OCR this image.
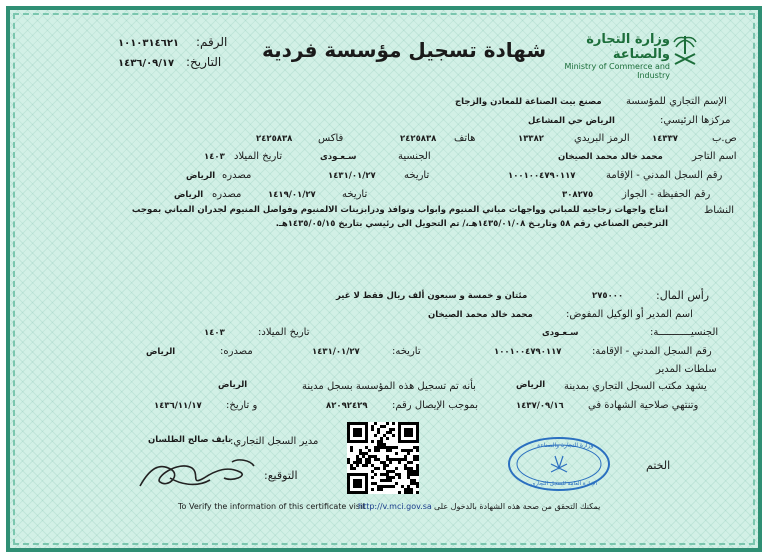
وزارة التجارة والصناعة
Ministry of Commerce and Industry
شهادة تسجيل مؤسسة فردية
الرقم:
١٠١٠٣١٤٦٢١
التاريخ:
١٤٣٦/٠٩/١٧
الإسم التجاري للمؤسسة
مصنع بيت الصناعة للمعادن والزجاج
مركزها الرئيسي:
الرياض حي المشاعل
ص.ب
١٤٣٣٧
الرمز البريدي
١٣٣٨٢
هاتف
٢٤٢٥٨٣٨
فاكس
٢٤٢٥٨٣٨
اسم التاجر
محمد خالد محمد الصيخان
الجنسية
سـعـودى
تاريخ الميلاد
١٤٠٣
رقم السجل المدني - الإقامة
١٠٠١٠٠٤٧٩٠١١٧
تاريخه
١٤٣١/٠١/٢٧
مصدره
الرياض
رقم الحفيظة - الجواز
٣٠٨٢٧٥
تاريخه
١٤١٩/٠١/٢٧
مصدره
الرياض
النشاط
انتاج واجهات زجاجيه للمباني وواجهات مباني المنيوم وابواب ونوافذ ودرابزينات الالمنيوم وفواصل المنيوم لجدران المباني بموجب
الترخيص الصناعي رقم ٥٨ وتاريـخ ١٤٣٥/٠١/٠٨هـ،/ تم التحويل الى رئيسي بتاريخ ١٤٣٥/٠٥/١٥هـ.
رأس المال:
٢٧٥٠٠٠
مئتان و خمسة و سبعون ألف ريال فقط لا غير
اسم المدير أو الوكيل المفوض:
محمد خالد محمد الصيخان
الجنسيـــــــــــة:
سـعـودى
تاريخ الميلاد:
١٤٠٣
رقم السجل المدني - الإقامة:
١٠٠١٠٠٤٧٩٠١١٧
تاريخه:
١٤٣١/٠١/٢٧
مصدره:
الرياض
سلطات المدير
يشهد مكتب السجل التجاري بمدينة
الرياض
بأنه تم تسجيل هذه المؤسسة بسجل مدينة
الرياض
وتنتهي صلاحية الشهادة في
١٤٣٧/٠٩/١٦
بموجب الإيصال رقم:
٨٢٠٩٢٤٢٩
و تاريخ:
١٤٣٦/١١/١٧
مدير السجل التجاري:
نايف صالح الطلسان
التوقيع:
وزارة التجارة والصناعة
الإدارة العامة للسجل التجاري
الختم
To Verify the information of this certificate visit
http://v.mci.gov.sa يمكنك التحقق من صحة هذه الشهادة بالدخول على
